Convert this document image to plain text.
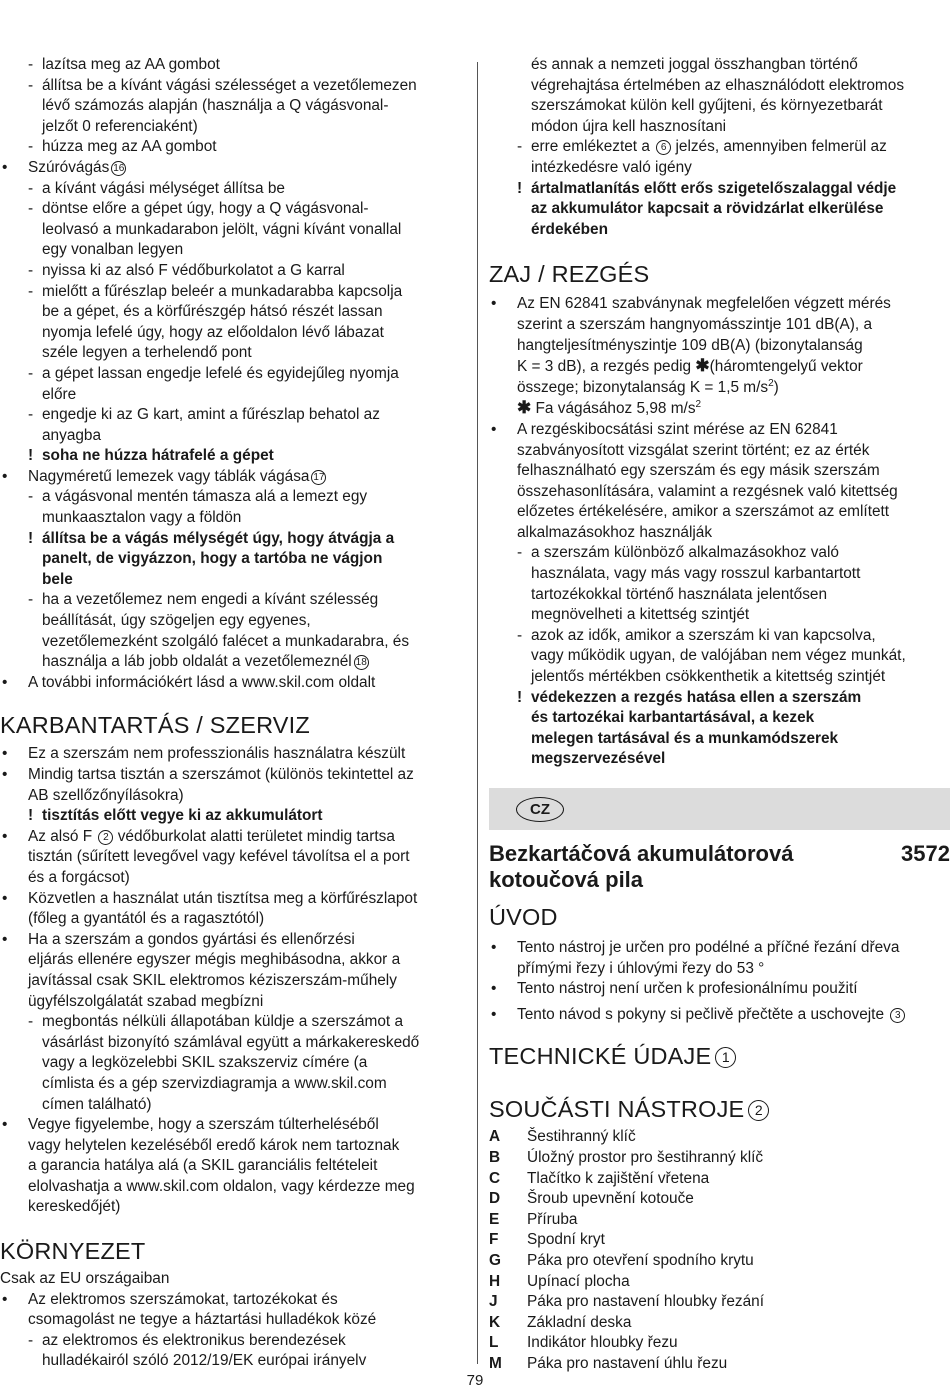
- lazítsa meg az AA gombot
- állítsa be a kívánt vágási szélességet a vezetőlemezen
lévő számozás alapján (használja a Q vágásvonal-
jelzőt 0 referenciaként)
- húzza meg az AA gombot
• Szúróvágás 16
- a kívánt vágási mélységet állítsa be
- döntse előre a gépet úgy, hogy a Q vágásvonal-
leolvasó a munkadarabon jelölt, vágni kívánt vonallal
egy vonalban legyen
- nyissa ki az alsó F védőburkolatot a G karral
- mielőtt a fűrészlap beleér a munkadarabba kapcsolja
be a gépet, és a körfűrészgép hátsó részét lassan
nyomja lefelé úgy, hogy az előoldalon lévő lábazat
széle legyen a terhelendő pont
- a gépet lassan engedje lefelé és egyidejűleg nyomja
előre
- engedje ki az G kart, amint a fűrészlap behatol az
anyagba
! soha ne húzza hátrafelé a gépet
• Nagyméretű lemezek vagy táblák vágása 17
- a vágásvonal mentén támasza alá a lemezt egy
munkaasztalon vagy a földön
! állítsa be a vágás mélységét úgy, hogy átvágja a
panelt, de vigyázzon, hogy a tartóba ne vágjon
bele
- ha a vezetőlemez nem engedi a kívánt szélesség
beállítását, úgy szögeljen egy egyenes,
vezetőlemezként szolgáló falécet a munkadarabra, és
használja a láb jobb oldalát a vezetőlemeznél 18
• A további információkért lásd a www.skil.com oldalt
KARBANTARTÁS / SZERVIZ
• Ez a szerszám nem professzionális használatra készült
• Mindig tartsa tisztán a szerszámot (különös tekintettel az
AB szellőzőnyílásokra)
! tisztítás előtt vegye ki az akkumulátort
• Az alsó F 2 védőburkolat alatti területet mindig tartsa
tisztán (sűrített levegővel vagy kefével távolítsa el a port
és a forgácsot)
• Közvetlen a használat után tisztítsa meg a körfűrészlapot
(főleg a gyantától és a ragasztótól)
• Ha a szerszám a gondos gyártási és ellenőrzési
eljárás ellenére egyszer mégis meghibásodna, akkor a
javítással csak SKIL elektromos kéziszerszám-műhely
ügyfélszolgálatát szabad megbízni
- megbontás nélküli állapotában küldje a szerszámot a
vásárlást bizonyító számlával együtt a márkakereskedő
vagy a legközelebbi SKIL szakszerviz címére (a
címlista és a gép szervizdiagramja a www.skil.com
címen található)
• Vegye figyelembe, hogy a szerszám túlterheléséből
vagy helytelen kezeléséből eredő károk nem tartoznak
a garancia hatálya alá (a SKIL garanciális feltételeit
elolvashatja a www.skil.com oldalon, vagy kérdezze meg
kereskedőjét)
KÖRNYEZET
Csak az EU országaiban
• Az elektromos szerszámokat, tartozékokat és
csomagolást ne tegye a háztartási hulladékok közé
- az elektromos és elektronikus berendezések
hulladékairól szóló 2012/19/EK európai irányelv
és annak a nemzeti joggal összhangban történő
végrehajtása értelmében az elhasználódott elektromos
szerszámokat külön kell gyűjteni, és környezetbarát
módon újra kell hasznosítani
- erre emlékeztet a 6 jelzés, amennyiben felmerül az
intézkedésre való igény
! ártalmatlanítás előtt erős szigetelőszalaggal védje
az akkumulátor kapcsait a rövidzárlat elkerülése
érdekében
ZAJ / REZGÉS
• Az EN 62841 szabványnak megfelelően végzett mérés
szerint a szerszám hangnyomásszintje 101 dB(A), a
hangteljesítményszintje 109 dB(A) (bizonytalanság
K = 3 dB), a rezgés pedig ✱(háromtengelyű vektor
összege; bizonytalanság K = 1,5 $m/s^2$)
✱ Fa vágásához 5,98 $m/s^2$
• A rezgéskibocsátási szint mérése az EN 62841
szabványosított vizsgálat szerint történt; ez az érték
felhasználható egy szerszám és egy másik szerszám
összehasonlítására, valamint a rezgésnek való kitettség
előzetes értékelésére, amikor a szerszámot az említett
alkalmazásokhoz használják
- a szerszám különböző alkalmazásokhoz való
használata, vagy más vagy rosszul karbantartott
tartozékokkal történő használata jelentősen
megnövelheti a kitettség szintjét
- azok az idők, amikor a szerszám ki van kapcsolva,
vagy működik ugyan, de valójában nem végez munkát,
jelentős mértékben csökkenthetik a kitettség szintjét
! védekezzen a rezgés hatása ellen a szerszám
és tartozékai karbantartásával, a kezek
melegen tartásával és a munkamódszerek
megszervezésével
CZ
Bezkartáčová akumulátorová	3572
kotoučová pila
ÚVOD
• Tento nástroj je určen pro podélné a příčné řezání dřeva
přímými řezy i úhlovými řezy do 53 °
• Tento nástroj není určen k profesionálnímu použití
• Tento návod s pokyny si pečlivě přečtěte a uschovejte 3
TECHNICKÉ ÚDAJE 1
SOUČÁSTI NÁSTROJE 2
A Šestihranný klíč
B Úložný prostor pro šestihranný klíč
C Tlačítko k zajištění vřetena
D Šroub upevnění kotouče
E Příruba
F Spodní kryt
G Páka pro otevření spodního krytu
H Upínací plocha
J Páka pro nastavení hloubky řezání
K Základní deska
L Indikátor hloubky řezu
M Páka pro nastavení úhlu řezu
79
